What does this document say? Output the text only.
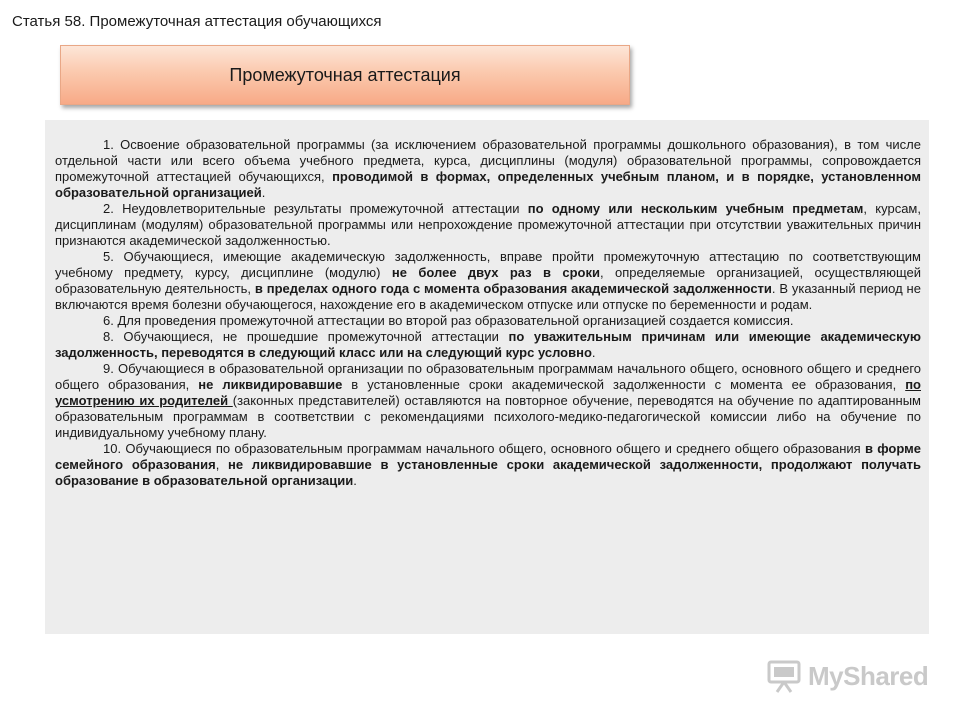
Статья 58. Промежуточная аттестация обучающихся
Промежуточная аттестация

1. Освоение образовательной программы (за исключением образовательной программы дошкольного образования), в том числе отдельной части или всего объема учебного предмета, курса, дисциплины (модуля) образовательной программы, сопровождается промежуточной аттестацией обучающихся, проводимой в формах, определенных учебным планом, и в порядке, установленном образовательной организацией.

2. Неудовлетворительные результаты промежуточной аттестации по одному или нескольким учебным предметам, курсам, дисциплинам (модулям) образовательной программы или непрохождение промежуточной аттестации при отсутствии уважительных причин признаются академической задолженностью.

5. Обучающиеся, имеющие академическую задолженность, вправе пройти промежуточную аттестацию по соответствующим учебному предмету, курсу, дисциплине (модулю) не более двух раз в сроки, определяемые организацией, осуществляющей образовательную деятельность, в пределах одного года с момента образования академической задолженности. В указанный период не включаются время болезни обучающегося, нахождение его в академическом отпуске или отпуске по беременности и родам.

6. Для проведения промежуточной аттестации во второй раз образовательной организацией создается комиссия.

8. Обучающиеся, не прошедшие промежуточной аттестации по уважительным причинам или имеющие академическую задолженность, переводятся в следующий класс или на следующий курс условно.

9. Обучающиеся в образовательной организации по образовательным программам начального общего, основного общего и среднего общего образования, не ликвидировавшие в установленные сроки академической задолженности с момента ее образования, по усмотрению их родителей (законных представителей) оставляются на повторное обучение, переводятся на обучение по адаптированным образовательным программам в соответствии с рекомендациями психолого-медико-педагогической комиссии либо на обучение по индивидуальному учебному плану.

10. Обучающиеся по образовательным программам начального общего, основного общего и среднего общего образования в форме семейного образования, не ликвидировавшие в установленные сроки академической задолженности, продолжают получать образование в образовательной организации.

MyShared
